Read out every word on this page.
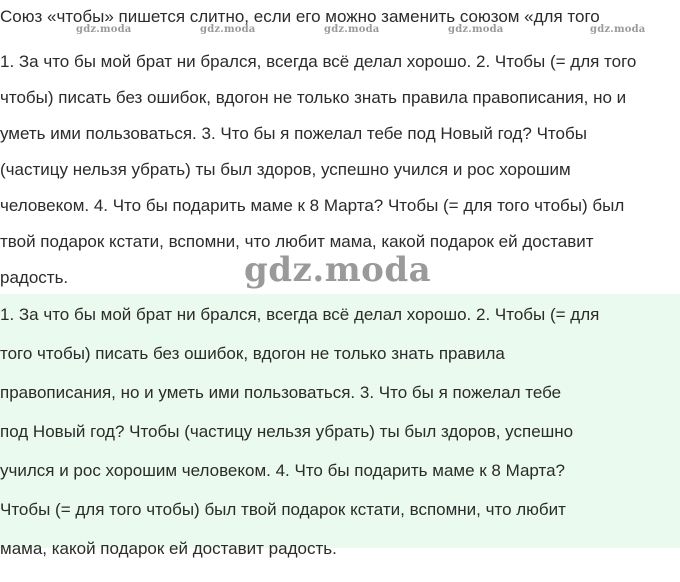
Союз «чтобы» пишется слитно, если его можно заменить союзом «для того
gdz.moda	gdz.moda	gdz.moda	gdz.moda	gdz.moda
1. За что бы мой брат ни брался, всегда всё делал хорошо. 2. Чтобы (= для того
чтобы) писать без ошибок, вдогон не только знать правила правописания, но и
уметь ими пользоваться. 3. Что бы я пожелал тебе под Новый год? Чтобы
(частицу нельзя убрать) ты был здоров, успешно учился и рос хорошим
человеком. 4. Что бы подарить маме к 8 Марта? Чтобы (= для того чтобы) был
твой подарок кстати, вспомни, что любит мама, какой подарок ей доставит
радость.	gdz.moda
1. За что бы мой брат ни брался, всегда всё делал хорошо. 2. Чтобы (= для
того чтобы) писать без ошибок, вдогон не только знать правила
правописания, но и уметь ими пользоваться. 3. Что бы я пожелал тебе
под Новый год? Чтобы (частицу нельзя убрать) ты был здоров, успешно
учился и рос хорошим человеком. 4. Что бы подарить маме к 8 Марта?
Чтобы (= для того чтобы) был твой подарок кстати, вспомни, что любит
мама, какой подарок ей доставит радость.
